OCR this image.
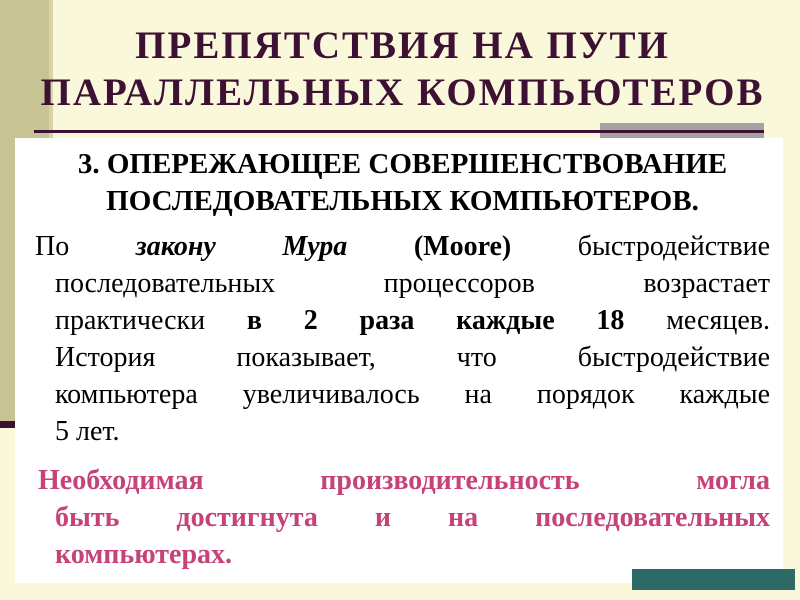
ПРЕПЯТСТВИЯ НА ПУТИ
ПАРАЛЛЕЛЬНЫХ КОМПЬЮТЕРОВ
3. ОПЕРЕЖАЮЩЕЕ СОВЕРШЕНСТВОВАНИЕ
ПОСЛЕДОВАТЕЛЬНЫХ КОМПЬЮТЕРОВ.
По закону Мура (Moore) быстродействие
последовательных процессоров возрастает
практически в 2 раза каждые 18 месяцев.
История показывает, что быстродействие
компьютера увеличивалось на порядок каждые
5 лет.
Необходимая производительность могла
быть достигнута и на последовательных
компьютерах.
